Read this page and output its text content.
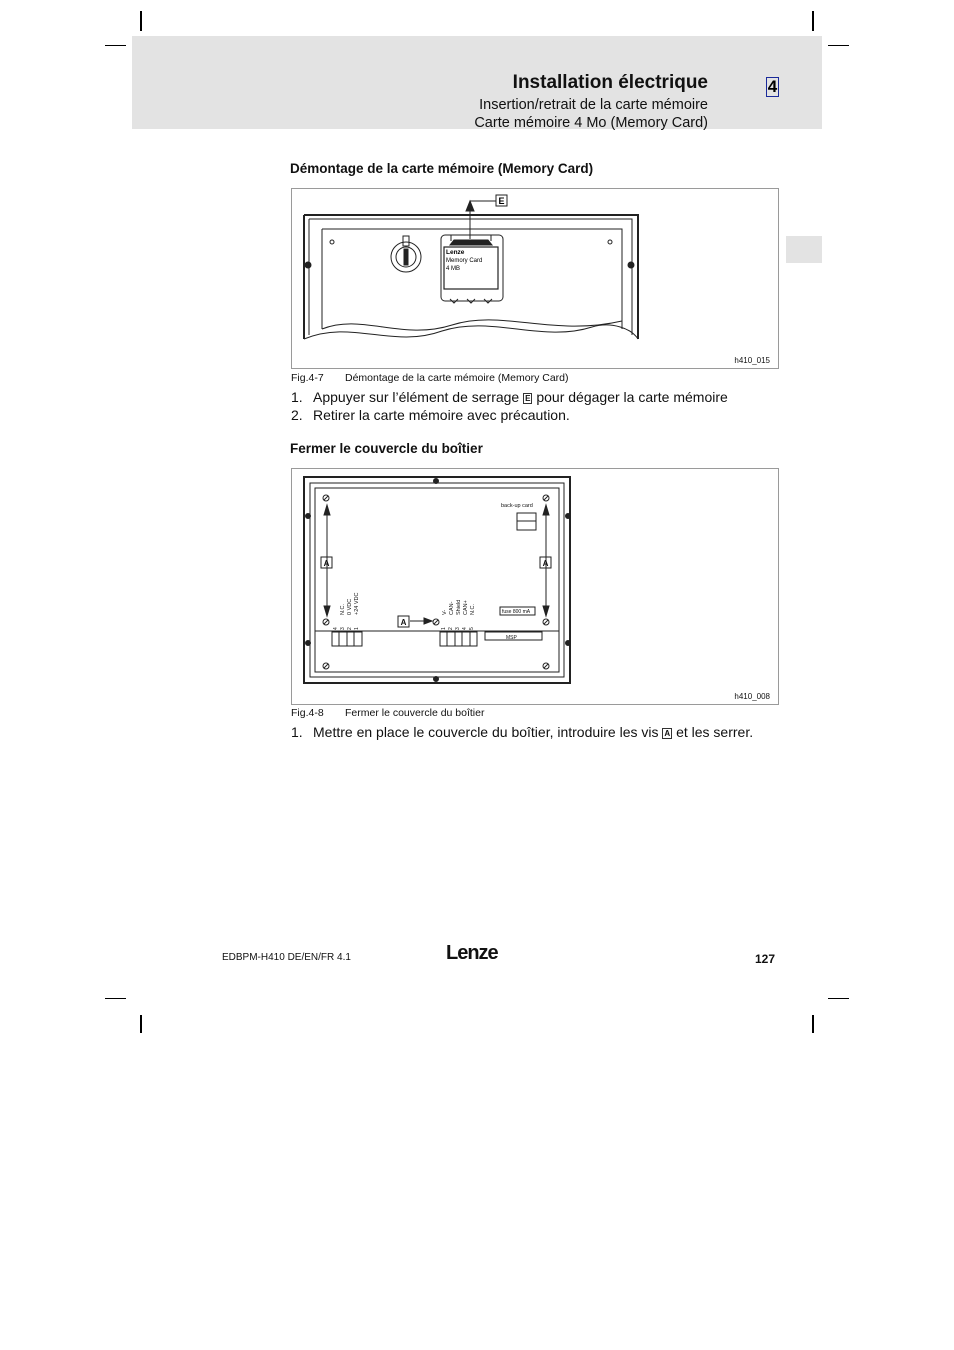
Installation électrique
Insertion/retrait de la carte mémoire
Carte mémoire 4 Mo (Memory Card)
4
Démontage de la carte mémoire (Memory Card)
E
Lenze
Memory Card
4 MB
h410_015
Fig.4-7 Démontage de la carte mémoire (Memory Card)
1. Appuyer sur l’élément de serrage E pour dégager la carte mémoire
2. Retirer la carte mémoire avec précaution.
Fermer le couvercle du boîtier
A	A
A
back-up card
fuse 800 mA
MSP
N.C. 0 VDC +24 VDC
4 3 2 1
V- CAN- Shield CAN+ N.C.
1 2 3 4 5
h410_008
Fig.4-8 Fermer le couvercle du boîtier
1. Mettre en place le couvercle du boîtier, introduire les vis A et les serrer.
EDBPM-H410 DE/EN/FR 4.1	Lenze	127
